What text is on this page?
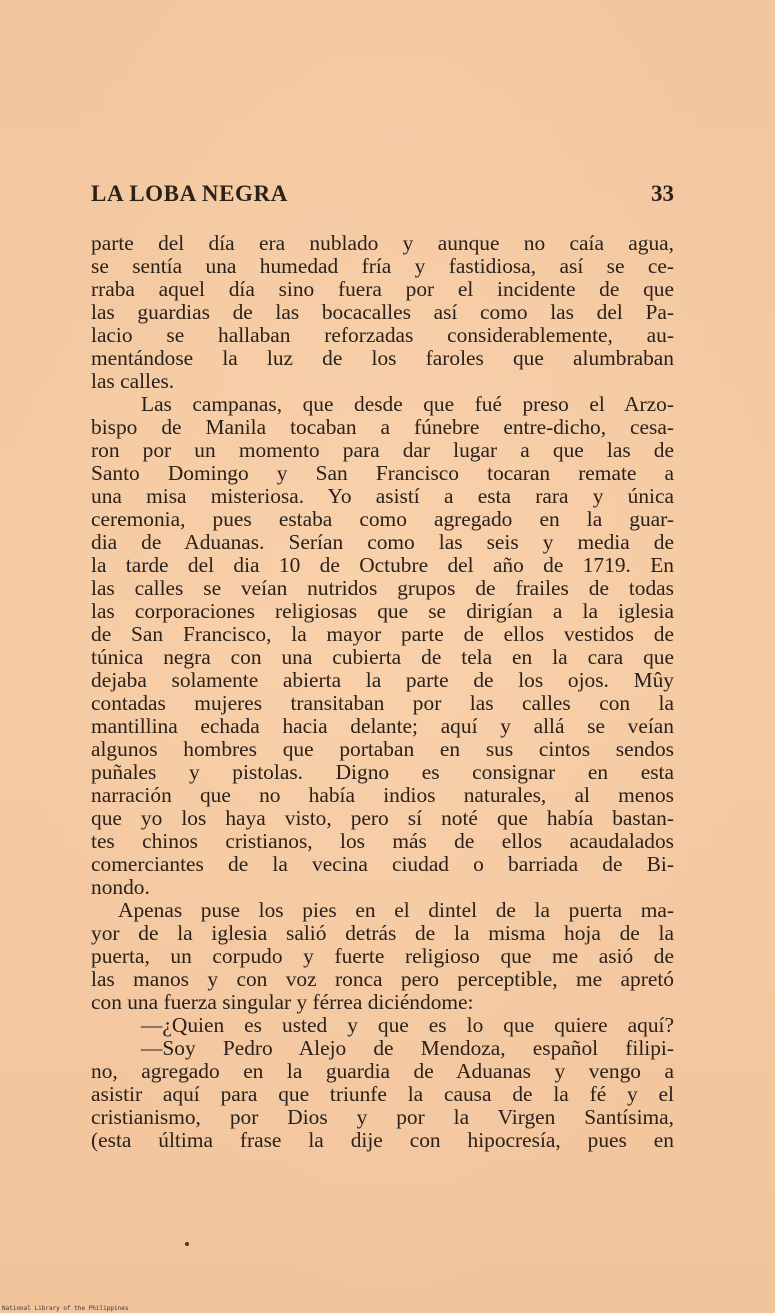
LA LOBA NEGRA	33
parte del día era nublado y aunque no caía agua,
se sentía una humedad fría y fastidiosa, así se ce-
rraba aquel día sino fuera por el incidente de que
las guardias de las bocacalles así como las del Pa-
lacio se hallaban reforzadas considerablemente, au-
mentándose la luz de los faroles que alumbraban
las calles.
Las campanas, que desde que fué preso el Arzo-
bispo de Manila tocaban a fúnebre entre-dicho, cesa-
ron por un momento para dar lugar a que las de
Santo Domingo y San Francisco tocaran remate a
una misa misteriosa. Yo asistí a esta rara y única
ceremonia, pues estaba como agregado en la guar-
dia de Aduanas. Serían como las seis y media de
la tarde del dia 10 de Octubre del año de 1719. En
las calles se veían nutridos grupos de frailes de todas
las corporaciones religiosas que se dirigían a la iglesia
de San Francisco, la mayor parte de ellos vestidos de
túnica negra con una cubierta de tela en la cara que
dejaba solamente abierta la parte de los ojos. Mûy
contadas mujeres transitaban por las calles con la
mantillina echada hacia delante; aquí y allá se veían
algunos hombres que portaban en sus cintos sendos
puñales y pistolas. Digno es consignar en esta
narración que no había indios naturales, al menos
que yo los haya visto, pero sí noté que había bastan-
tes chinos cristianos, los más de ellos acaudalados
comerciantes de la vecina ciudad o barriada de Bi-
nondo.
Apenas puse los pies en el dintel de la puerta ma-
yor de la iglesia salió detrás de la misma hoja de la
puerta, un corpudo y fuerte religioso que me asió de
las manos y con voz ronca pero perceptible, me apretó
con una fuerza singular y férrea diciéndome:
—¿Quien es usted y que es lo que quiere aquí?
—Soy Pedro Alejo de Mendoza, español filipi-
no, agregado en la guardia de Aduanas y vengo a
asistir aquí para que triunfe la causa de la fé y el
cristianismo, por Dios y por la Virgen Santísima,
(esta última frase la dije con hipocresía, pues en
National Library of the Philippines
